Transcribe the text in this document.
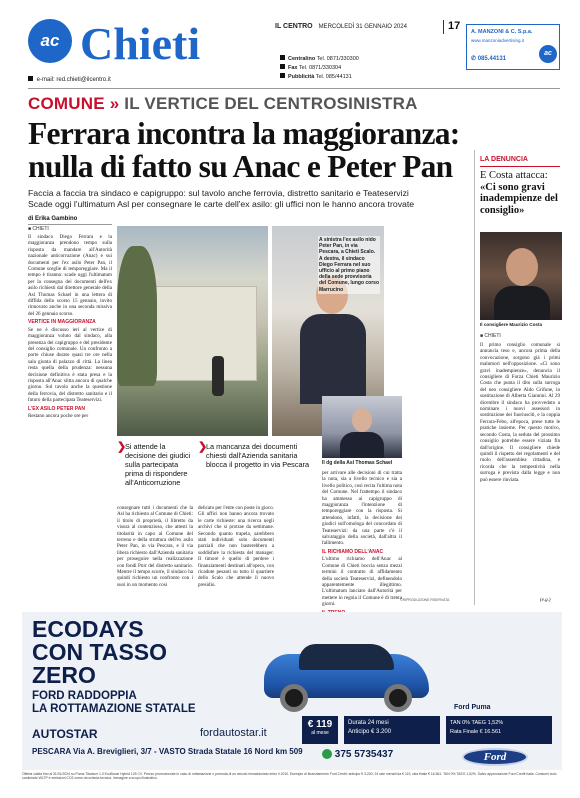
ac Chieti	IL CENTRO MERCOLEDÌ 31 GENNAIO 2024	17
Centralino Tel. 0871/330300
Fax Tel. 0871/330304
Pubblicità Tel. 085/44131
A. MANZONI & C. S.p.a.
www.manzoniadvertising.it
✆ 085.44131
ac
e-mail: red.chieti@ilcentro.it
COMUNE » IL VERTICE DEL CENTROSINISTRA
Ferrara incontra la maggioranza:
nulla di fatto su Anac e Peter Pan
Faccia a faccia tra sindaco e capigruppo: sul tavolo anche ferrovia, distretto sanitario e Teateservizi
Scade oggi l'ultimatum Asl per consegnare le carte dell'ex asilo: gli uffici non le hanno ancora trovate
di Erika Gambino
■ CHIETI

Il sindaco Diego Ferrara e la maggioranza prendono tempo sulla risposta da mandare all'Autorità nazionale anticorruzione (Anac) e sui documenti per l'ex asilo Peter Pan, il Comune sceglie di temporeggiare. Ma il tempo è tiranno: scade oggi l'ultimatum per la consegna dei documenti dell'ex asilo richiesti dal direttore generale della Asl Thomas Schael in una lettera di diffida dello scorso 15 gennaio, invito rinnovato anche in una seconda missiva del 26 gennaio scorso.

VERTICE IN MAGGIORANZA

Se ne è discusso ieri al vertice di maggioranza voluto dal sindaco, alla presenza dei capigruppo e del presidente del consiglio comunale. Un confronto a porte chiuse durato quasi tre ore nella sala giunta di palazzo di città. La linea resta quella della prudenza: nessuna decisione definitiva è stata presa e la risposta all'Anac slitta ancora di qualche giorno. Sul tavolo anche la questione della ferrovia, del distretto sanitario e il futuro della partecipata Teateservizi.

L'EX ASILO PETER PAN

Restano ancora poche ore per

A sinistra l'ex asilo nido Peter Pan, in via Pescara, a Chieti Scalo. A destra, il sindaco Diego Ferrara nel suo ufficio al primo piano della sede provvisoria del Comune, lungo corso Marrucino
Il dg della Asl Thomas Schael
❯
Si attende la decisione dei giudici sulla partecipata prima di rispondere all'Anticorruzione
❯
La mancanza dei documenti chiesti dall'Azienda sanitaria blocca il progetto in via Pescara

consegnare tutti i documenti che la Asl ha richiesto al Comune di Chieti: il titolo di proprietà, il libretto da visura al contenzioso, che attesti la titolarità in capo al Comune del terreno e della struttura dell'ex asilo Peter Pan, in via Pescara, e il via libera richiesto dall'Azienda sanitaria per proseguire nella realizzazione con fondi Pnrr del distretto sanitario. Mentre il tempo scorre, il sindaco ha quindi richiesto un confronto con i suoi in un momento così

delicato per l'ente con poste in gioco. Gli uffici non hanno ancora trovato le carte richieste: una ricerca negli archivi che si protrae da settimane. Secondo quanto trapela, sarebbero stati individuati solo documenti parziali che non basterebbero a soddisfare la richiesta del manager. Il timore è quello di perdere i finanziamenti destinati all'opera, con ricadute pesanti su tutto il quartiere dello Scalo che attende il nuovo presidio.

per arrivare alle decisioni di cui tratta la nota, sia a livello tecnico e sia a livello politico, così recita l'ultima nota del Comune. Nel frattempo il sindaco ha ammesso ai capigruppo di maggioranza l'intenzione di temporeggiare con la risposta. Si attendono, infatti, la decisione dei giudici sull'omologa del concordato di Teateservizi: da una parte c'è il salvataggio della società, dall'altra il fallimento.

IL RICHIAMO DELL'ANAC

L'ultimo richiamo dell'Anac al Comune di Chieti boccia senza mezzi termini il contratto di affidamento della società Teateservizi, definendolo apparentemente illegittimo. L'ultimatum lanciato dall'Autorità per mettere in regola il Comune è di trenta giorni.

©RIPRODUZIONE RISERVATA
LA DENUNCIA
E Costa attacca:
«Ci sono gravi inadempienze del consiglio»
Il consigliere Maurizio Costa
■ CHIETI

Il primo consiglio comunale si annuncia teso e, ancora prima della convocazione, sorgono già i primi malumori nell'opposizione. «Ci sono gravi inadempienze», denuncia il consigliere di Forza Chieti Maurizio Costa che punta il dito sulla surroga del neo consigliere Aldo Grifone, in sostituzione di Alberta Giannini. Al 29 dicembre il sindaco ha provveduto a nominare i nuovi assessori in sostituzione dei fuoriusciti, e la coppia Ferrara-Febo, all'epoca, prese tutte le pratiche insieme. Per questo motivo, secondo Costa, la seduta del prossimo consiglio potrebbe essere viziata fin dall'origine. Il consigliere chiede quindi il rispetto dei regolamenti e del ruolo dell'assemblea cittadina, e ricorda che la tempestività nella surroga è prevista dalla legge e non può essere rinviata.

(e.g.)
ECODAYS
CON TASSO
ZERO
FORD RADDOPPIA
LA ROTTAMAZIONE STATALE	Ford Puma
€ 119
al mese
Durata 24 mesi
Anticipo € 3.200
TAN 0% TAEG 1,52%
Rata Finale € 16.561
AUTOSTAR	fordautostar.it
375 5735437
PESCARA Via A. Breviglieri, 3/7 - VASTO Strada Statale 16 Nord km 509	Ford
Offerta valida fino al 31/01/2024 su Puma Titanium 1.0 EcoBoost Hybrid 125 CV. Prezzo promozionale in caso di rottamazione o permuta di un veicolo immatricolato entro il 2010. Esempio di finanziamento Ford Credit: anticipo € 3.200, 24 rate mensili da € 119, rata finale € 16.561. TAN 0% TAEG 1,52%. Salvo approvazione Ford Credit Italia. Consumi ciclo combinato WLTP e emissioni CO2 come da scheda tecnica. Immagine a scopo illustrativo.
